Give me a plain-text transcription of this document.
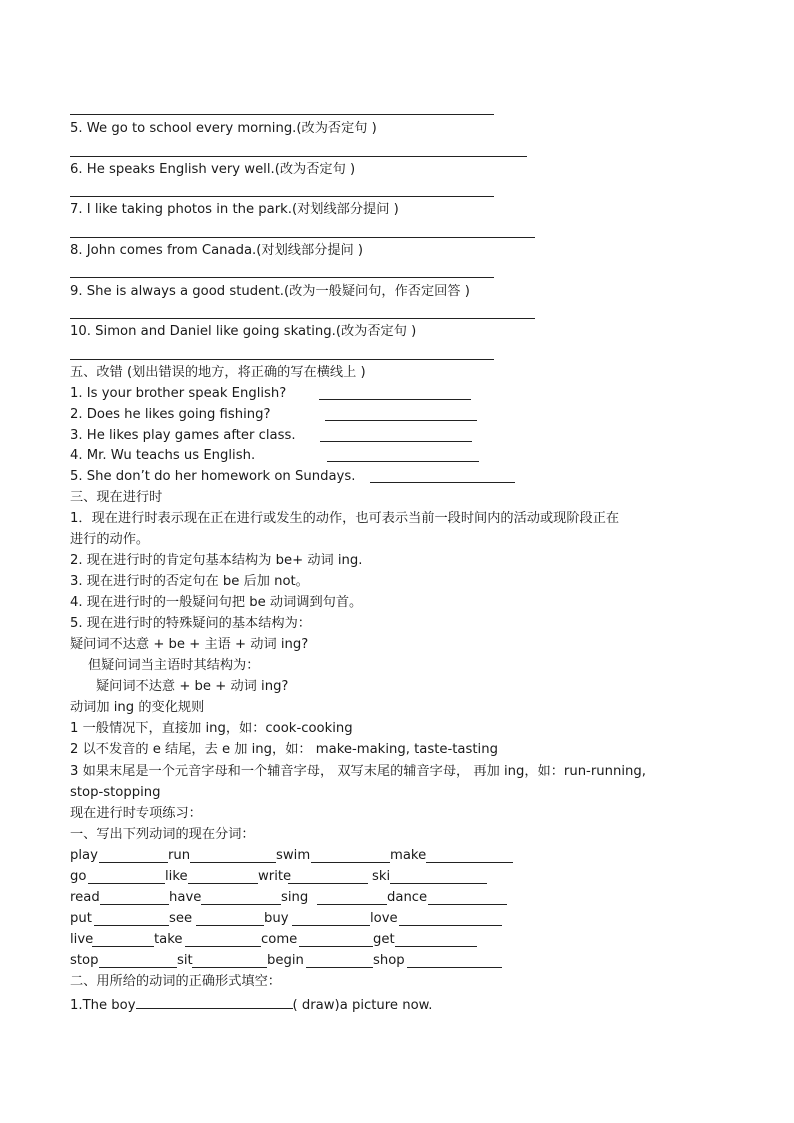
5. We go to school every morning.(改为否定句 )
6. He speaks English very well.(改为否定句 )
7. I like taking photos in the park.(对划线部分提问 )
8. John comes from Canada.(对划线部分提问 )
9. She is always a good student.(改为一般疑问句，作否定回答 )
10. Simon and Daniel like going skating.(改为否定句 )
五、改错 (划出错误的地方，将正确的写在横线上 )
1. Is your brother speak English?
2. Does he likes going fishing?
3. He likes play games after class.
4. Mr. Wu teachs us English.
5. She don’t do her homework on Sundays.
三、现在进行时
1．现在进行时表示现在正在进行或发生的动作，也可表示当前一段时间内的活动或现阶段正在
进行的动作。
2. 现在进行时的肯定句基本结构为 be+ 动词 ing.
3. 现在进行时的否定句在 be 后加 not。
4. 现在进行时的一般疑问句把 be 动词调到句首。
5. 现在进行时的特殊疑问的基本结构为：
疑问词不达意 + be + 主语 + 动词 ing?
但疑问词当主语时其结构为：
疑问词不达意 + be + 动词 ing?
动词加 ing 的变化规则
1 一般情况下，直接加 ing，如：cook-cooking
2 以不发音的 e 结尾，去 e 加 ing，如： make-making, taste-tasting
3 如果末尾是一个元音字母和一个辅音字母， 双写末尾的辅音字母， 再加 ing，如：run-running,
stop-stopping
现在进行时专项练习：
一、写出下列动词的现在分词：
play	run	swim	make
go	like	write	ski
read	have	sing	dance
put	see	buy	love
live	take	come	get
stop	sit	begin	shop
二、用所给的动词的正确形式填空：
1.The boy	( draw)a picture now.
